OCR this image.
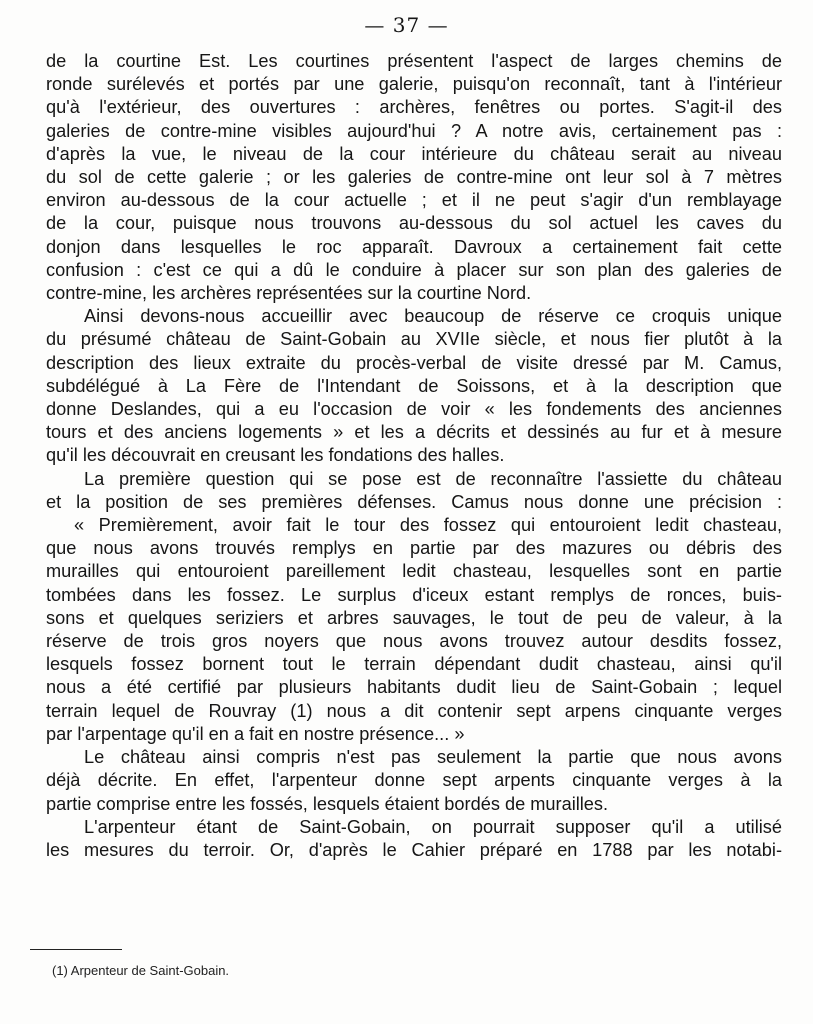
— 37 —
de la courtine Est. Les courtines présentent l'aspect de larges chemins de
ronde surélevés et portés par une galerie, puisqu'on reconnaît, tant à l'intérieur
qu'à l'extérieur, des ouvertures : archères, fenêtres ou portes. S'agit-il des
galeries de contre-mine visibles aujourd'hui ? A notre avis, certainement pas :
d'après la vue, le niveau de la cour intérieure du château serait au niveau
du sol de cette galerie ; or les galeries de contre-mine ont leur sol à 7 mètres
environ au-dessous de la cour actuelle ; et il ne peut s'agir d'un remblayage
de la cour, puisque nous trouvons au-dessous du sol actuel les caves du
donjon dans lesquelles le roc apparaît. Davroux a certainement fait cette
confusion : c'est ce qui a dû le conduire à placer sur son plan des galeries de
contre-mine, les archères représentées sur la courtine Nord.
Ainsi devons-nous accueillir avec beaucoup de réserve ce croquis unique
du présumé château de Saint-Gobain au XVIIe siècle, et nous fier plutôt à la
description des lieux extraite du procès-verbal de visite dressé par M. Camus,
subdélégué à La Fère de l'Intendant de Soissons, et à la description que
donne Deslandes, qui a eu l'occasion de voir « les fondements des anciennes
tours et des anciens logements » et les a décrits et dessinés au fur et à mesure
qu'il les découvrait en creusant les fondations des halles.
La première question qui se pose est de reconnaître l'assiette du château
et la position de ses premières défenses. Camus nous donne une précision :
« Premièrement, avoir fait le tour des fossez qui entouroient ledit chasteau,
que nous avons trouvés remplys en partie par des mazures ou débris des
murailles qui entouroient pareillement ledit chasteau, lesquelles sont en partie
tombées dans les fossez. Le surplus d'iceux estant remplys de ronces, buis-
sons et quelques seriziers et arbres sauvages, le tout de peu de valeur, à la
réserve de trois gros noyers que nous avons trouvez autour desdits fossez,
lesquels fossez bornent tout le terrain dépendant dudit chasteau, ainsi qu'il
nous a été certifié par plusieurs habitants dudit lieu de Saint-Gobain ; lequel
terrain lequel de Rouvray (1) nous a dit contenir sept arpens cinquante verges
par l'arpentage qu'il en a fait en nostre présence... »
Le château ainsi compris n'est pas seulement la partie que nous avons
déjà décrite. En effet, l'arpenteur donne sept arpents cinquante verges à la
partie comprise entre les fossés, lesquels étaient bordés de murailles.
L'arpenteur étant de Saint-Gobain, on pourrait supposer qu'il a utilisé
les mesures du terroir. Or, d'après le Cahier préparé en 1788 par les notabi-
(1) Arpenteur de Saint-Gobain.
